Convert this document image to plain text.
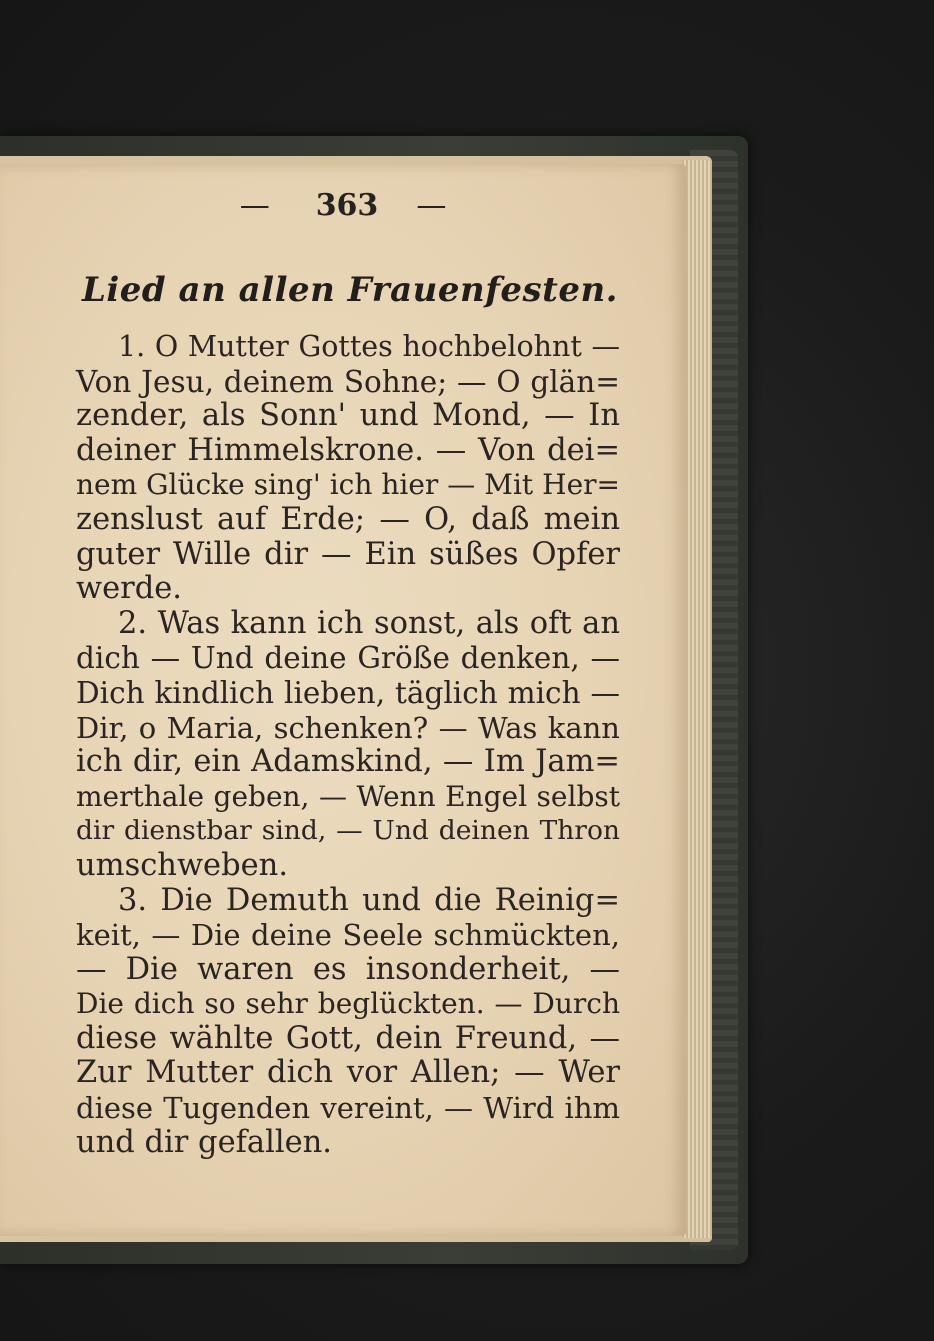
— 363 —
Lied an allen Frauenfesten.
1. O Mutter Gottes hochbelohnt —
Von Jesu, deinem Sohne; — O glän=
zender, als Sonn' und Mond, — In
deiner Himmelskrone. — Von dei=
nem Glücke sing' ich hier — Mit Her=
zenslust auf Erde; — O, daß mein
guter Wille dir — Ein süßes Opfer
werde.
2. Was kann ich sonst, als oft an
dich — Und deine Größe denken, —
Dich kindlich lieben, täglich mich —
Dir, o Maria, schenken? — Was kann
ich dir, ein Adamskind, — Im Jam=
merthale geben, — Wenn Engel selbst
dir dienstbar sind, — Und deinen Thron
umschweben.
3. Die Demuth und die Reinig=
keit, — Die deine Seele schmückten,
— Die waren es insonderheit, —
Die dich so sehr beglückten. — Durch
diese wählte Gott, dein Freund, —
Zur Mutter dich vor Allen; — Wer
diese Tugenden vereint, — Wird ihm
und dir gefallen.
